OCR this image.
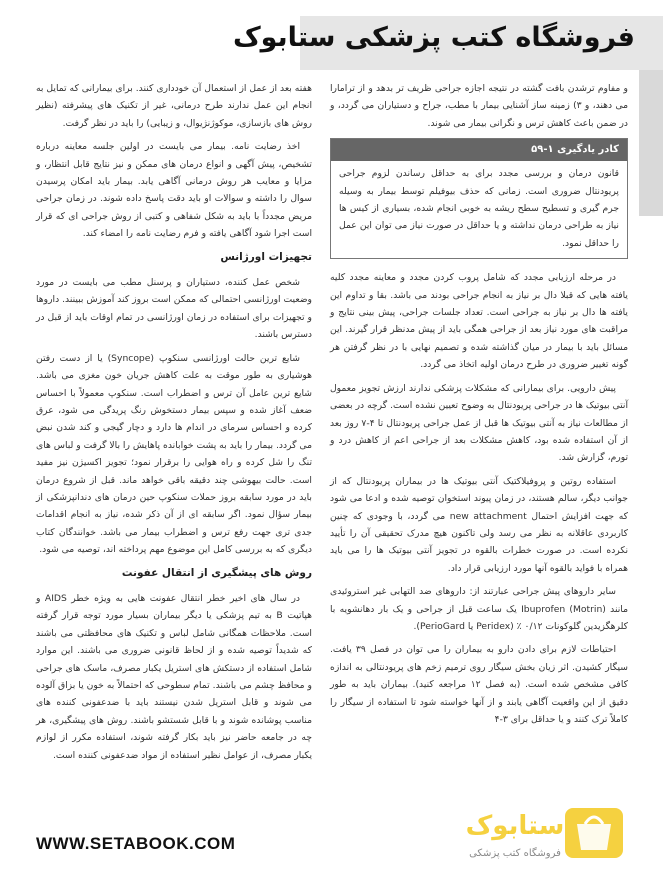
فروشگاه کتب پزشکی ستابوک

و مفاوم ترشدن بافت گشته در نتیجه اجازه جراحی ظریف تر بدهد و از ترامارا می دهند، و ۳) زمینه ساز آشنایی بیمار با مطب، جراح و دستیاران می گردد، و در ضمن باعث کاهش ترس و نگرانی بیمار می شوند.

کادر یادگیری ۱-۵۹

قانون درمان و بررسی مجدد برای به حداقل رساندن لزوم جراحی پریودنتال ضروری است. زمانی که حذف بیوفیلم توسط بیمار به وسیله جرم گیری و تسطیح سطح ریشه به خوبی انجام شده، بسیاری از کیس ها نیاز به طراحی درمان نداشته و یا حداقل در صورت نیاز می توان این عمل را حداقل نمود.

در مرحله ارزیابی مجدد که شامل پروب کردن مجدد و معاینه مجدد کلیه یافته هایی که قبلا دال بر نیاز به انجام جراحی بودند می باشد. بقا و تداوم این یافته ها دال بر نیاز به جراحی است. تعداد جلسات جراحی، پیش بینی نتایج و مراقبت های مورد نیاز بعد از جراحی همگی باید از پیش مدنظر قرار گیرند. این مسائل باید با بیمار در میان گذاشته شده و تصمیم نهایی با در نظر گرفتن هر گونه تغییر ضروری در طرح درمان اولیه اتخاذ می گردد.

پیش دارویی. برای بیمارانی که مشکلات پزشکی ندارند ارزش تجویز معمول آنتی بیوتیک ها در جراحی پریودنتال به وضوح تعیین نشده است. گرچه در بعضی از مطالعات نیاز به آنتی بیوتیک ها قبل از عمل جراحی پریودنتال تا ۴-۷ روز بعد از آن استفاده شده بود، کاهش مشکلات بعد از جراحی اعم از کاهش درد و تورم، گزارش شد.

استفاده روتین و پروفیلاکتیک آنتی بیوتیک ها در بیماران پریودنتال که از جوانب دیگر، سالم هستند، در زمان پیوند استخوان توصیه شده و ادعا می شود که جهت افزایش احتمال new attachment می گردد، با وجودی که چنین کاربردی عاقلانه به نظر می رسد ولی تاکنون هیچ مدرک تحقیقی آن را تأیید نکرده است. در صورت خطرات بالقوه در تجویز آنتی بیوتیک ها را می باید همراه با فواید بالقوه آنها مورد ارزیابی قرار داد.

سایر داروهای پیش جراحی عبارتند از: داروهای ضد التهابی غیر استروئیدی مانند Ibuprofen (Motrin) یک ساعت قبل از جراحی و یک بار دهانشویه با کلرهگزیدین گلوکونات ۰/۱۲ ٪ (Peridex یا PerioGard).

احتیاطات لازم برای دادن دارو به بیماران را می توان در فصل ۳۹ یافت. سیگار کشیدن. اثر زیان بخش سیگار روی ترمیم زخم های پریودنتالی به اندازه کافی مشخص شده است. (به فصل ۱۲ مراجعه کنید). بیماران باید به طور دقیق از این واقعیت آگاهی یابند و از آنها خواسته شود تا استفاده از سیگار را کاملاً ترک کنند و یا حداقل برای ۳-۴

هفته بعد از عمل از استعمال آن خودداری کنند. برای بیمارانی که تمایل به انجام این عمل ندارند طرح درمانی، غیر از تکنیک های پیشرفته (نظیر روش های بازسازی، موکوژنژیوال، و زیبایی) را باید در نظر گرفت.

اخذ رضایت نامه. بیمار می بایست در اولین جلسه معاینه درباره تشخیص، پیش آگهی و انواع درمان های ممکن و نیز نتایج قابل انتظار، و مزایا و معایب هر روش درمانی آگاهی یابد. بیمار باید امکان پرسیدن سوال را داشته و سوالات او باید دقت پاسخ داده شوند. در زمان جراحی مریض مجدداً با باید به شکل شفاهی و کتبی از روش جراحی ای که قرار است اجرا شود آگاهی یافته و فرم رضایت نامه را امضاء کند.

تجهیزات اورژانس

شخص عمل کننده، دستیاران و پرسنل مطب می بایست در مورد وضعیت اورژانسی احتمالی که ممکن است بروز کند آموزش ببینند. داروها و تجهیزات برای استفاده در زمان اورژانسی در تمام اوقات باید از قبل در دسترس باشند.

شایع ترین حالت اورژانسی سنکوپ (Syncope) یا از دست رفتن هوشیاری به طور موقت به علت کاهش جریان خون مغزی می باشد. شایع ترین عامل آن ترس و اضطراب است. سنکوپ معمولاً با احساس ضعف آغاز شده و سپس بیمار دستخوش رنگ پریدگی می شود، عرق کرده و احساس سرمای در اندام ها دارد و دچار گیجی و کند شدن نبض می گردد. بیمار را باید به پشت خوابانده پاهایش را بالا گرفت و لباس های تنگ را شل کرده و راه هوایی را برقرار نمود؛ تجویز اکسیژن نیز مفید است. حالت بیهوشی چند دقیقه باقی خواهد ماند. قبل از شروع درمان باید در مورد سابقه بروز حملات سنکوپ حین درمان های دندانپزشکی از بیمار سؤال نمود. اگر سابقه ای از آن ذکر شده، نیاز به انجام اقدامات جدی تری جهت رفع ترس و اضطراب بیمار می باشد. خوانندگان کتاب دیگری که به بررسی کامل این موضوع مهم پرداخته اند، توصیه می شود.

روش های پیشگیری از انتقال عفونت

در سال های اخیر خطر انتقال عفونت هایی به ویژه خطر AIDS و هپاتیت B به تیم پزشکی یا دیگر بیماران بسیار مورد توجه قرار گرفته است. ملاحظات همگانی شامل لباس و تکنیک های محافظتی می باشند که شدیداً توصیه شده و از لحاظ قانونی ضروری می باشند. این موارد شامل استفاده از دستکش های استریل یکبار مصرف، ماسک های جراحی و محافظ چشم می باشند. تمام سطوحی که احتمالاً به خون یا بزاق آلوده می شوند و قابل استریل شدن نیستند باید با ضدعفونی کننده های مناسب پوشانده شوند و با قابل شستشو باشند. روش های پیشگیری، هر چه در جامعه حاضر نیز باید بکار گرفته شوند، استفاده مکرر از لوازم یکبار مصرف، از عوامل نظیر استفاده از مواد ضدعفونی کننده است.

ستابوک
فروشگاه کتب پزشکی
WWW.SETABOOK.COM
